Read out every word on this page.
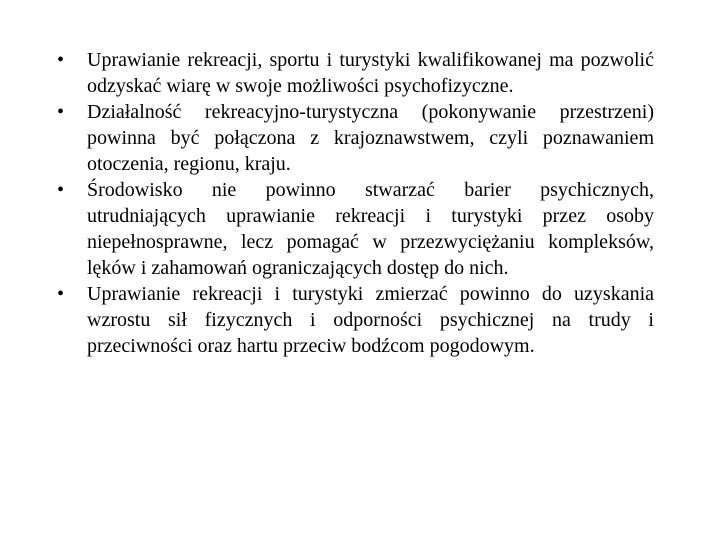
•	Uprawianie rekreacji, sportu i turystyki kwalifikowanej ma pozwolić odzyskać wiarę w swoje możliwości psychofizyczne.
•	Działalność rekreacyjno-turystyczna (pokonywanie przestrzeni) powinna być połączona z krajoznawstwem, czyli poznawaniem otoczenia, regionu, kraju.
•	Środowisko nie powinno stwarzać barier psychicznych, utrudniających uprawianie rekreacji i turystyki przez osoby niepełnosprawne, lecz pomagać w przezwyciężaniu kompleksów, lęków i zahamowań ograniczających dostęp do nich.
•	Uprawianie rekreacji i turystyki zmierzać powinno do uzyskania wzrostu sił fizycznych i odporności psychicznej na trudy i przeciwności oraz hartu przeciw bodźcom pogodowym.
